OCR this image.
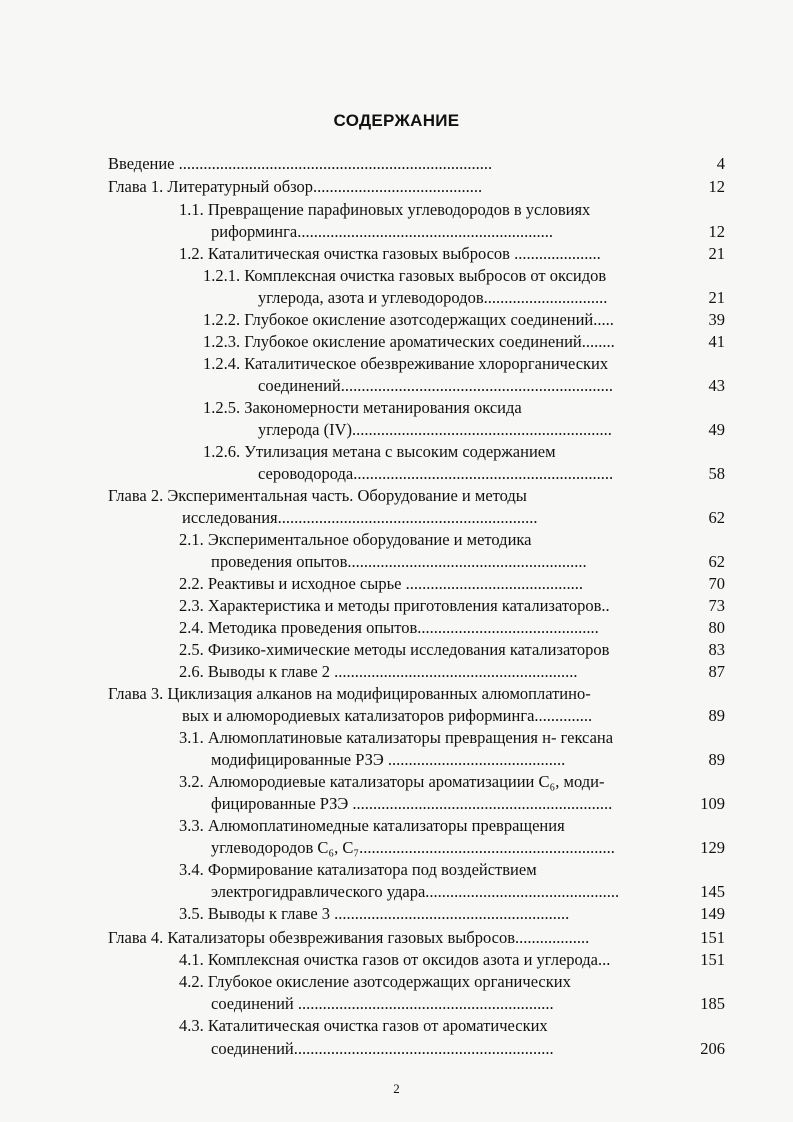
СОДЕРЖАНИЕ
Введение ............................................................................	4
Глава 1. Литературный обзор.........................................	12
1.1. Превращение парафиновых углеводородов в условиях
риформинга..............................................................	12
1.2. Каталитическая очистка газовых выбросов .....................	21
1.2.1. Комплексная очистка газовых выбросов от оксидов
углерода, азота и углеводородов..............................	21
1.2.2. Глубокое окисление азотсодержащих соединений.....	39
1.2.3. Глубокое окисление ароматических соединений........	41
1.2.4. Каталитическое обезвреживание хлорорганических
соединений..................................................................	43
1.2.5. Закономерности метанирования оксида
углерода (IV)...............................................................	49
1.2.6. Утилизация метана с высоким содержанием
сероводорода...............................................................	58
Глава 2. Экспериментальная часть. Оборудование и методы
исследования...............................................................	62
2.1. Экспериментальное оборудование и методика
проведения опытов..........................................................	62
2.2. Реактивы и исходное сырье ...........................................	70
2.3. Характеристика и методы приготовления катализаторов..	73
2.4. Методика проведения опытов............................................	80
2.5. Физико-химические методы исследования катализаторов	83
2.6. Выводы к главе 2 ...........................................................	87
Глава 3. Циклизация алканов на модифицированных алюмоплатино-
вых и алюмородиевых катализаторов риформинга..............	89
3.1. Алюмоплатиновые катализаторы превращения н- гексана
модифицированные РЗЭ ...........................................	89
3.2. Алюмородиевые катализаторы ароматизациии C₆, моди-
фицированные РЗЭ ...............................................................	109
3.3. Алюмоплатиномедные катализаторы превращения
углеводородов C₆, C₇..............................................................	129
3.4. Формирование катализатора под воздействием
электрогидравлического удара...............................................	145
3.5. Выводы к главе 3 .........................................................	149
Глава 4. Катализаторы обезвреживания газовых выбросов..................	151
4.1. Комплексная очистка газов от оксидов азота и углерода...	151
4.2. Глубокое окисление азотсодержащих органических
соединений ..............................................................	185
4.3. Каталитическая очистка газов от ароматических
соединений...............................................................	206
2
